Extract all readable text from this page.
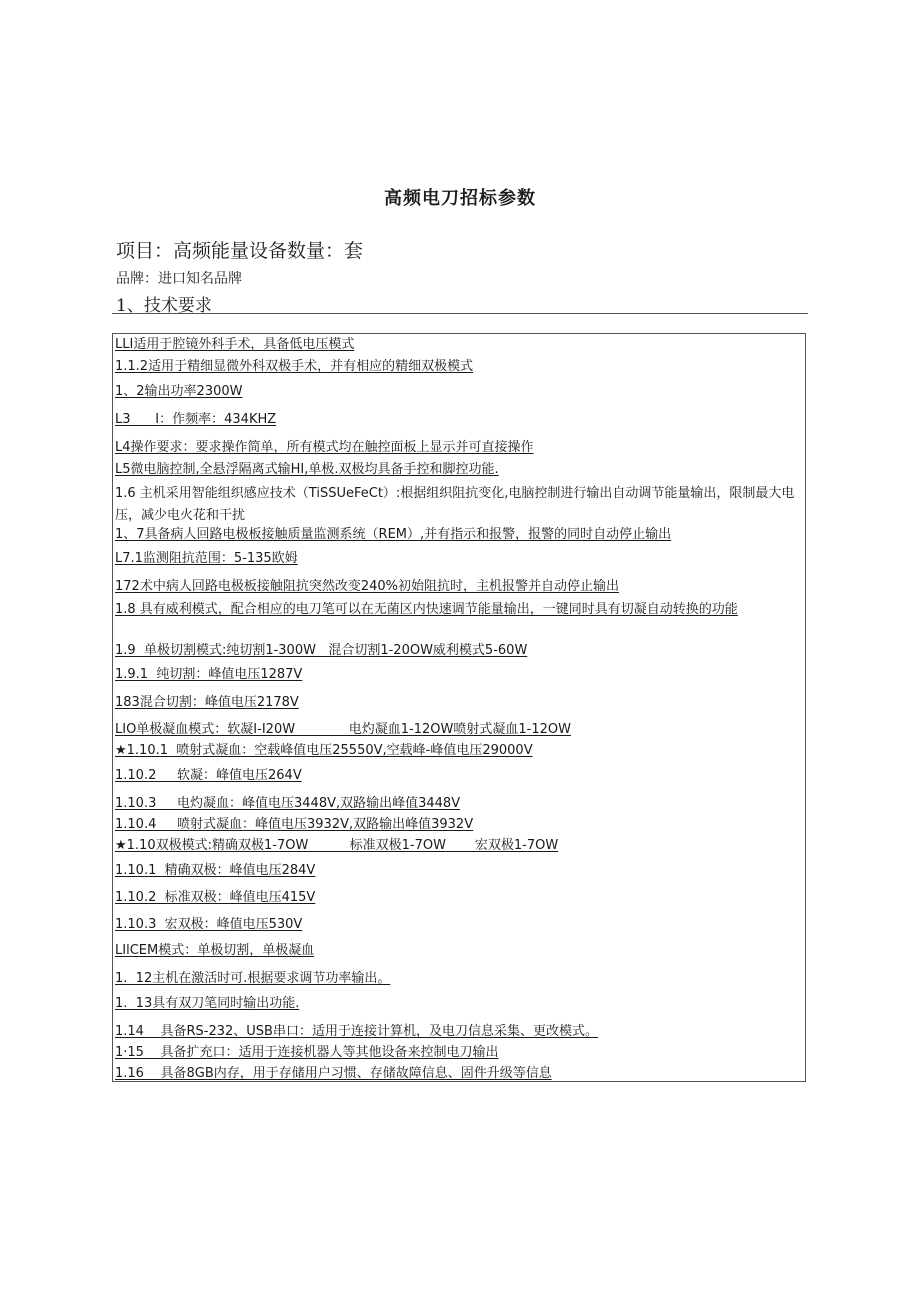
高频电刀招标参数
项目：高频能量设备数量：套
品牌：进口知名品牌
1、技术要求
LLI适用于腔镜外科手术，具备低电压模式
1.1.2适用于精细显微外科双极手术，并有相应的精细双极模式
1、2输出功率2300W
L3      I：作频率：434KHZ
L4操作要求：要求操作简单，所有模式均在触控面板上显示并可直接操作
L5微电脑控制,全悬浮隔离式输HI,单极.双极均具备手控和脚控功能.
1.6 主机采用智能组织感应技术（TiSSUeFeCt）:根据组织阻抗变化,电脑控制进行输出自动调节能量输出，限制最大电压，减少电火花和干扰
1、7具备病人回路电极板接触质量监测系统（REM）,并有指示和报警，报警的同时自动停止输出
L7.1监测阻抗范围：5-135欧姆
172术中病人回路电极板接触阻抗突然改变240%初始阻抗时，主机报警并自动停止输出
1.8 具有威利模式，配合相应的电刀笔可以在无菌区内快速调节能量输出，一键同时具有切凝自动转换的功能
1.9  单极切割模式:纯切割1-300W   混合切割1-20OW威利模式5-60W
1.9.1  纯切割：峰值电压1287V
183混合切割：峰值电压2178V
LIO单极凝血模式：软凝I-I20W             电灼凝血1-12OW喷射式凝血1-12OW
★1.10.1  喷射式凝血：空载峰值电压25550V,空载峰-峰值电压29000V
1.10.2     软凝：峰值电压264V
1.10.3     电灼凝血：峰值电压3448V,双路输出峰值3448V
1.10.4     喷射式凝血：峰值电压3932V,双路输出峰值3932V
★1.10双极模式:精确双极1-7OW          标准双极1-7OW       宏双极1-7OW
1.10.1  精确双极：峰值电压284V
1.10.2  标准双极：峰值电压415V
1.10.3  宏双极：峰值电压530V
LIlCEM模式：单极切割，单极凝血
1.  12主机在激活时可.根据要求调节功率输出。
1.  13具有双刀笔同时输出功能.
1.14    具备RS-232、USB串口：适用于连接计算机，及电刀信息采集、更改模式。
1·15    具备扩充口：适用于连接机器人等其他设备来控制电刀输出
1.16    具备8GB内存，用于存储用户习惯、存储故障信息、固件升级等信息
